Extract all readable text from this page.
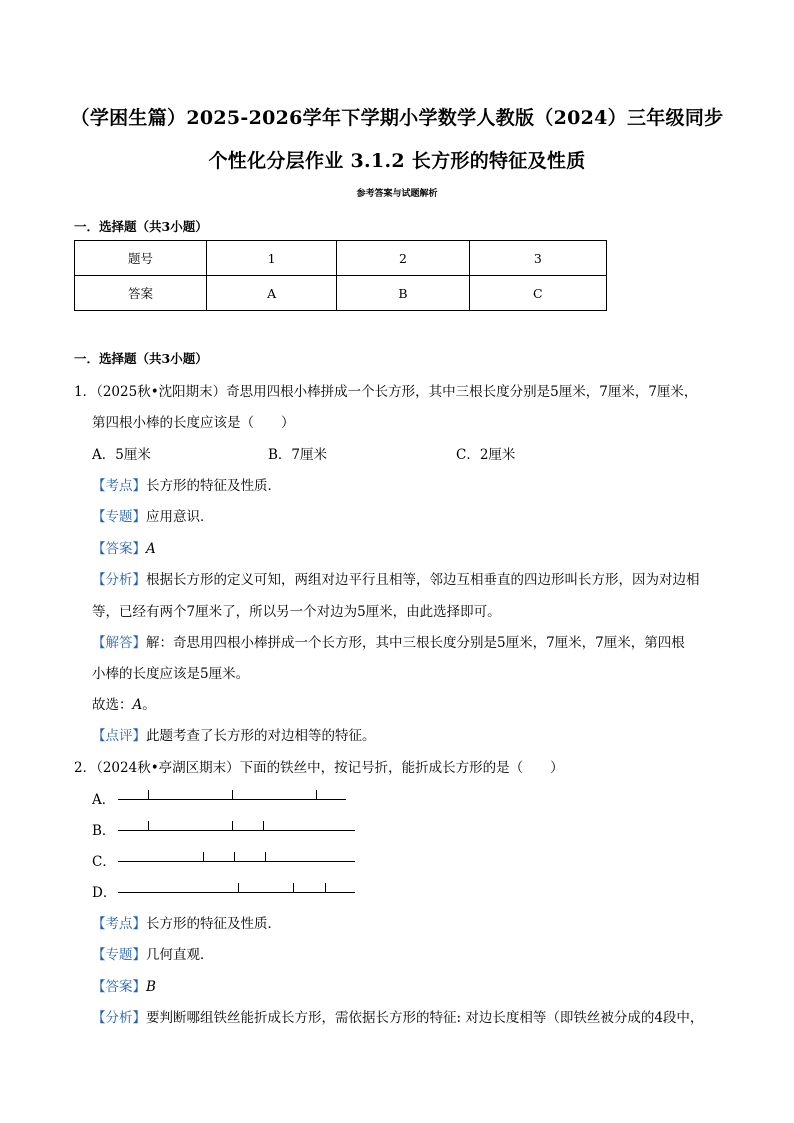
（学困生篇）2025-2026学年下学期小学数学人教版（2024）三年级同步
个性化分层作业 3.1.2 长方形的特征及性质
参考答案与试题解析
一．选择题（共3小题）
题号	1	2	3
答案	A	B	C
一．选择题（共3小题）
1．（2025秋•沈阳期末）奇思用四根小棒拼成一个长方形，其中三根长度分别是5厘米，7厘米，7厘米，
第四根小棒的长度应该是（　　）
A．5厘米	B．7厘米	C．2厘米
【考点】长方形的特征及性质．
【专题】应用意识．
【答案】A
【分析】根据长方形的定义可知，两组对边平行且相等，邻边互相垂直的四边形叫长方形，因为对边相
等，已经有两个7厘米了，所以另一个对边为5厘米，由此选择即可。
【解答】解：奇思用四根小棒拼成一个长方形，其中三根长度分别是5厘米，7厘米，7厘米，第四根
小棒的长度应该是5厘米。
故选：A。
【点评】此题考查了长方形的对边相等的特征。
2．（2024秋•亭湖区期末）下面的铁丝中，按记号折，能折成长方形的是（　　）
A．
B．
C．
D．
【考点】长方形的特征及性质．
【专题】几何直观．
【答案】B
【分析】要判断哪组铁丝能折成长方形，需依据长方形的特征: 对边长度相等（即铁丝被分成的4段中，
